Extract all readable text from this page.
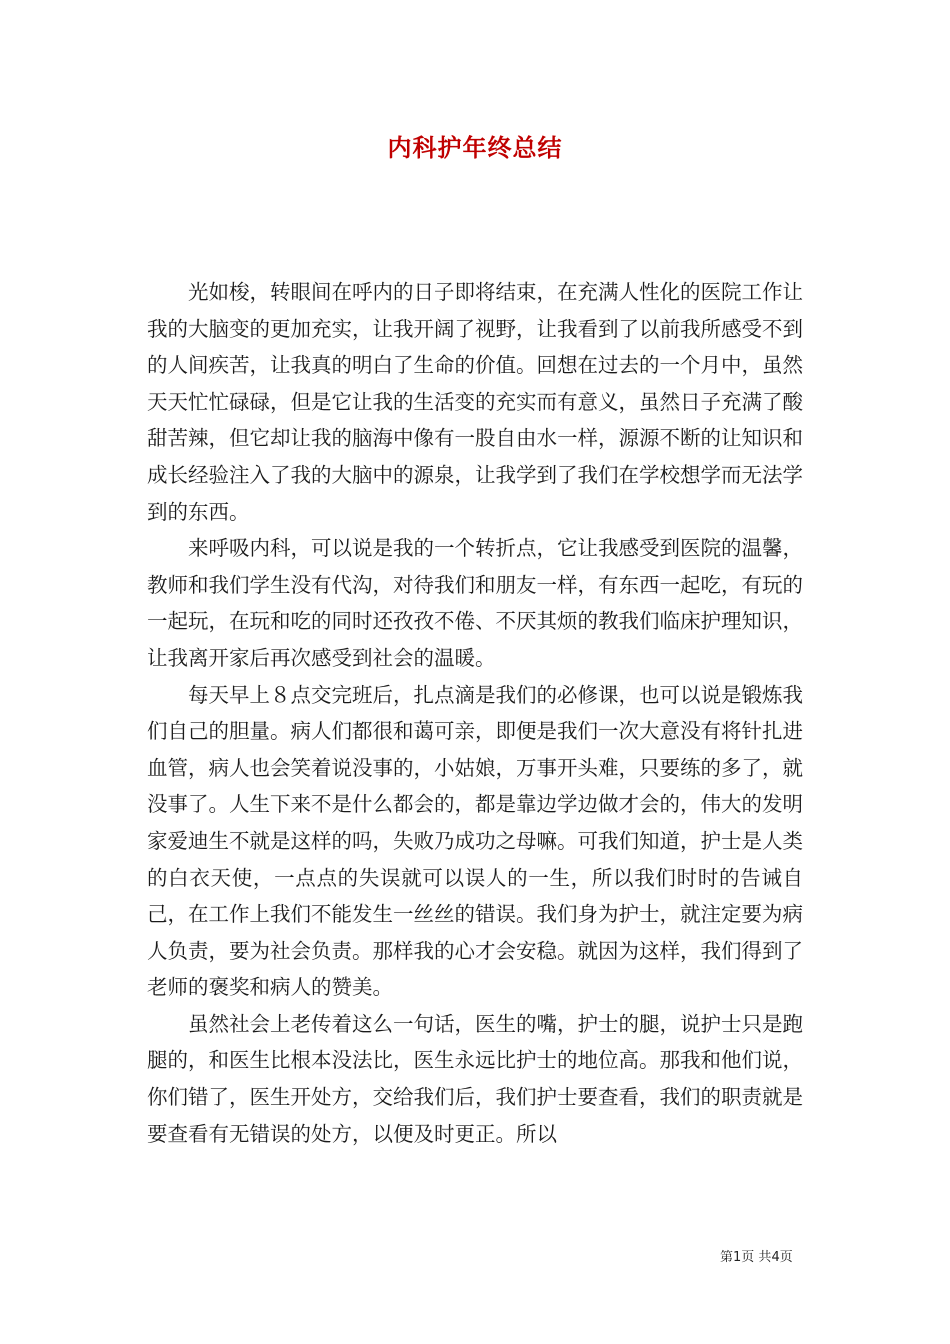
内科护年终总结

光如梭，转眼间在呼内的日子即将结束，在充满人性化的医院工作让我的大脑变的更加充实，让我开阔了视野，让我看到了以前我所感受不到的人间疾苦，让我真的明白了生命的价值。回想在过去的一个月中，虽然天天忙忙碌碌，但是它让我的生活变的充实而有意义，虽然日子充满了酸甜苦辣，但它却让我的脑海中像有一股自由水一样，源源不断的让知识和成长经验注入了我的大脑中的源泉，让我学到了我们在学校想学而无法学到的东西。

来呼吸内科，可以说是我的一个转折点，它让我感受到医院的温馨，教师和我们学生没有代沟，对待我们和朋友一样，有东西一起吃，有玩的一起玩，在玩和吃的同时还孜孜不倦、不厌其烦的教我们临床护理知识，让我离开家后再次感受到社会的温暖。

每天早上８点交完班后，扎点滴是我们的必修课，也可以说是锻炼我们自己的胆量。病人们都很和蔼可亲，即便是我们一次大意没有将针扎进血管，病人也会笑着说没事的，小姑娘，万事开头难，只要练的多了，就没事了。人生下来不是什么都会的，都是靠边学边做才会的，伟大的发明家爱迪生不就是这样的吗，失败乃成功之母嘛。可我们知道，护士是人类的白衣天使，一点点的失误就可以误人的一生，所以我们时时的告诫自己，在工作上我们不能发生一丝丝的错误。我们身为护士，就注定要为病人负责，要为社会负责。那样我的心才会安稳。就因为这样，我们得到了老师的褒奖和病人的赞美。

虽然社会上老传着这么一句话，医生的嘴，护士的腿，说护士只是跑腿的，和医生比根本没法比，医生永远比护士的地位高。那我和他们说，你们错了，医生开处方，交给我们后，我们护士要查看，我们的职责就是要查看有无错误的处方，以便及时更正。所以

第1页 共4页
